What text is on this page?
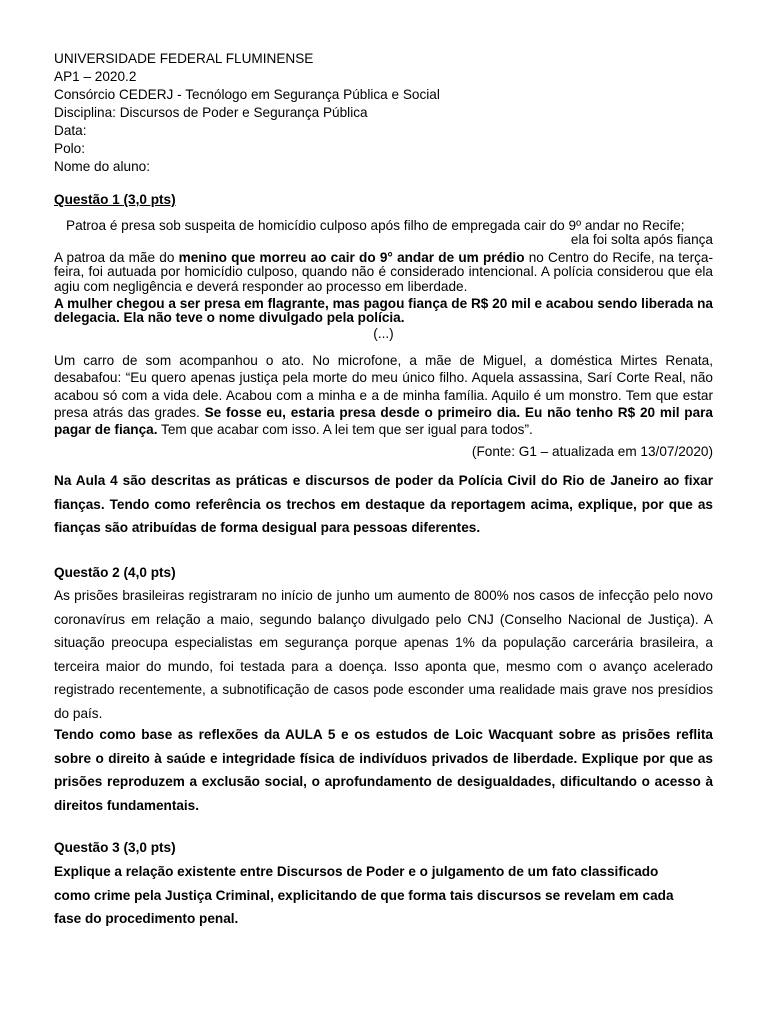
UNIVERSIDADE FEDERAL FLUMINENSE
AP1 – 2020.2
Consórcio CEDERJ - Tecnólogo em Segurança Pública e Social
Disciplina: Discursos de Poder e Segurança Pública
Data:
Polo:
Nome do aluno:
Questão 1 (3,0 pts)
Patroa é presa sob suspeita de homicídio culposo após filho de empregada cair do 9º andar no Recife;
ela foi solta após fiança
A patroa da mãe do menino que morreu ao cair do 9° andar de um prédio no Centro do Recife, na terça-feira, foi autuada por homicídio culposo, quando não é considerado intencional. A polícia considerou que ela agiu com negligência e deverá responder ao processo em liberdade.
A mulher chegou a ser presa em flagrante, mas pagou fiança de R$ 20 mil e acabou sendo liberada na delegacia. Ela não teve o nome divulgado pela polícia.
(...)
Um carro de som acompanhou o ato. No microfone, a mãe de Miguel, a doméstica Mirtes Renata, desabafou: “Eu quero apenas justiça pela morte do meu único filho. Aquela assassina, Sarí Corte Real, não acabou só com a vida dele. Acabou com a minha e a de minha família. Aquilo é um monstro. Tem que estar presa atrás das grades. Se fosse eu, estaria presa desde o primeiro dia. Eu não tenho R$ 20 mil para pagar de fiança. Tem que acabar com isso. A lei tem que ser igual para todos”.
(Fonte: G1 – atualizada em 13/07/2020)
Na Aula 4 são descritas as práticas e discursos de poder da Polícia Civil do Rio de Janeiro ao fixar fianças. Tendo como referência os trechos em destaque da reportagem acima, explique, por que as fianças são atribuídas de forma desigual para pessoas diferentes.
Questão 2 (4,0 pts)
As prisões brasileiras registraram no início de junho um aumento de 800% nos casos de infecção pelo novo coronavírus em relação a maio, segundo balanço divulgado pelo CNJ (Conselho Nacional de Justiça). A situação preocupa especialistas em segurança porque apenas 1% da população carcerária brasileira, a terceira maior do mundo, foi testada para a doença. Isso aponta que, mesmo com o avanço acelerado registrado recentemente, a subnotificação de casos pode esconder uma realidade mais grave nos presídios do país.
Tendo como base as reflexões da AULA 5 e os estudos de Loic Wacquant sobre as prisões reflita sobre o direito à saúde e integridade física de indivíduos privados de liberdade. Explique por que as prisões reproduzem a exclusão social, o aprofundamento de desigualdades, dificultando o acesso à direitos fundamentais.
Questão 3 (3,0 pts)
Explique a relação existente entre Discursos de Poder e o julgamento de um fato classificado como crime pela Justiça Criminal, explicitando de que forma tais discursos se revelam em cada fase do procedimento penal.
